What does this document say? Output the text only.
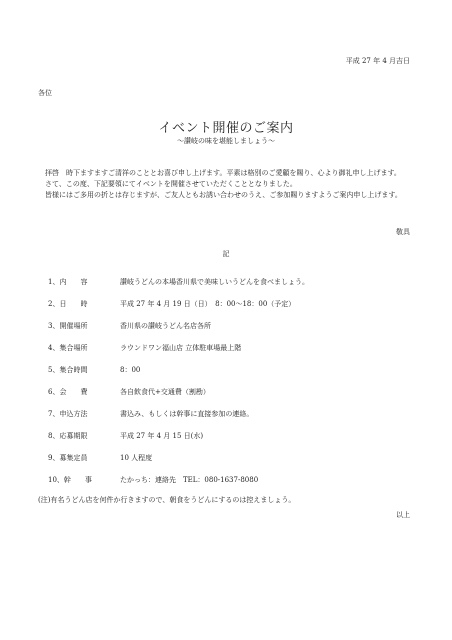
平成 27 年 4 月吉日
各位
イベント開催のご案内
～讃岐の味を堪能しましょう～

　拝啓　時下ますますご清祥のこととお喜び申し上げます。平素は格別のご愛顧を賜り、心より御礼申し上げます。

　さて、この度、下記要領にてイベントを開催させていただくこととなりました。

　皆様にはご多用の折とは存じますが、ご友人ともお誘い合わせのうえ、ご参加賜りますようご案内申し上げます。

敬具
記
1、内　　容	讃岐うどんの本場香川県で美味しいうどんを食べましょう。
2、日　　時	平成 27 年 4 月 19 日（日）　8：00～18：00（予定）
3、開催場所	香川県の讃岐うどん名店各所
4、集合場所	ラウンドワン福山店 立体駐車場最上階
5、集合時間	8：00
6、会　　費	各自飲食代+交通費（割勘）
7、申込方法	書込み、もしくは幹事に直接参加の連絡。
8、応募期限	平成 27 年 4 月 15 日(水)
9、募集定員	10 人程度
10、幹　　事	たかっち：連絡先　TEL：080-1637-8080
(注)有名うどん店を何件か行きますので、朝食をうどんにするのは控えましょう。
以上
